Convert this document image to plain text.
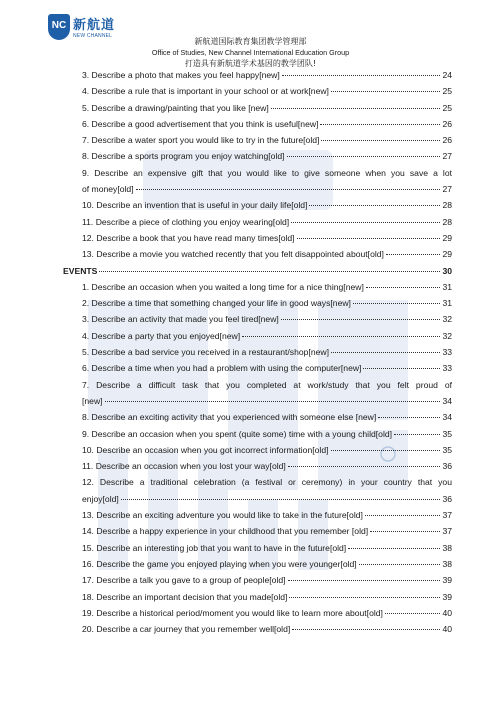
NC 新航道
NEW CHANNEL
新航道国际教育集团教学管理部
Office of Studies, New Channel International Education Group
打造具有新航道学术基因的教学团队!
3. Describe a photo that makes you feel happy[new]	24
4. Describe a rule that is important in your school or at work[new]	25
5. Describe a drawing/painting that you like [new]	25
6. Describe a good advertisement that you think is useful[new]	26
7. Describe a water sport you would like to try in the future[old]	26
8. Describe a sports program you enjoy watching[old]	27
9. Describe an expensive gift that you would like to give someone when you save a lot
of money[old]	27
10. Describe an invention that is useful in your daily life[old]	28
11. Describe a piece of clothing you enjoy wearing[old]	28
12. Describe a book that you have read many times[old]	29
13. Describe a movie you watched recently that you felt disappointed about[old]	29
EVENTS	30
1. Describe an occasion when you waited a long time for a nice thing[new]	31
2. Describe a time that something changed your life in good ways[new]	31
3. Describe an activity that made you feel tired[new]	32
4. Describe a party that you enjoyed[new]	32
5. Describe a bad service you received in a restaurant/shop[new]	33
6. Describe a time when you had a problem with using the computer[new]	33
7. Describe a difficult task that you completed at work/study that you felt proud of
[new]	34
8. Describe an exciting activity that you experienced with someone else [new]	34
9. Describe an occasion when you spent (quite some) time with a young child[old]	35
10. Describe an occasion when you got incorrect information[old]	35
11. Describe an occasion when you lost your way[old]	36
12. Describe a traditional celebration (a festival or ceremony) in your country that you
enjoy[old]	36
13. Describe an exciting adventure you would like to take in the future[old]	37
14. Describe a happy experience in your childhood that you remember [old]	37
15. Describe an interesting job that you want to have in the future[old]	38
16. Describe the game you enjoyed playing when you were younger[old]	38
17. Describe a talk you gave to a group of people[old]	39
18. Describe an important decision that you made[old]	39
19. Describe a historical period/moment you would like to learn more about[old]	40
20. Describe a car journey that you remember well[old]	40
